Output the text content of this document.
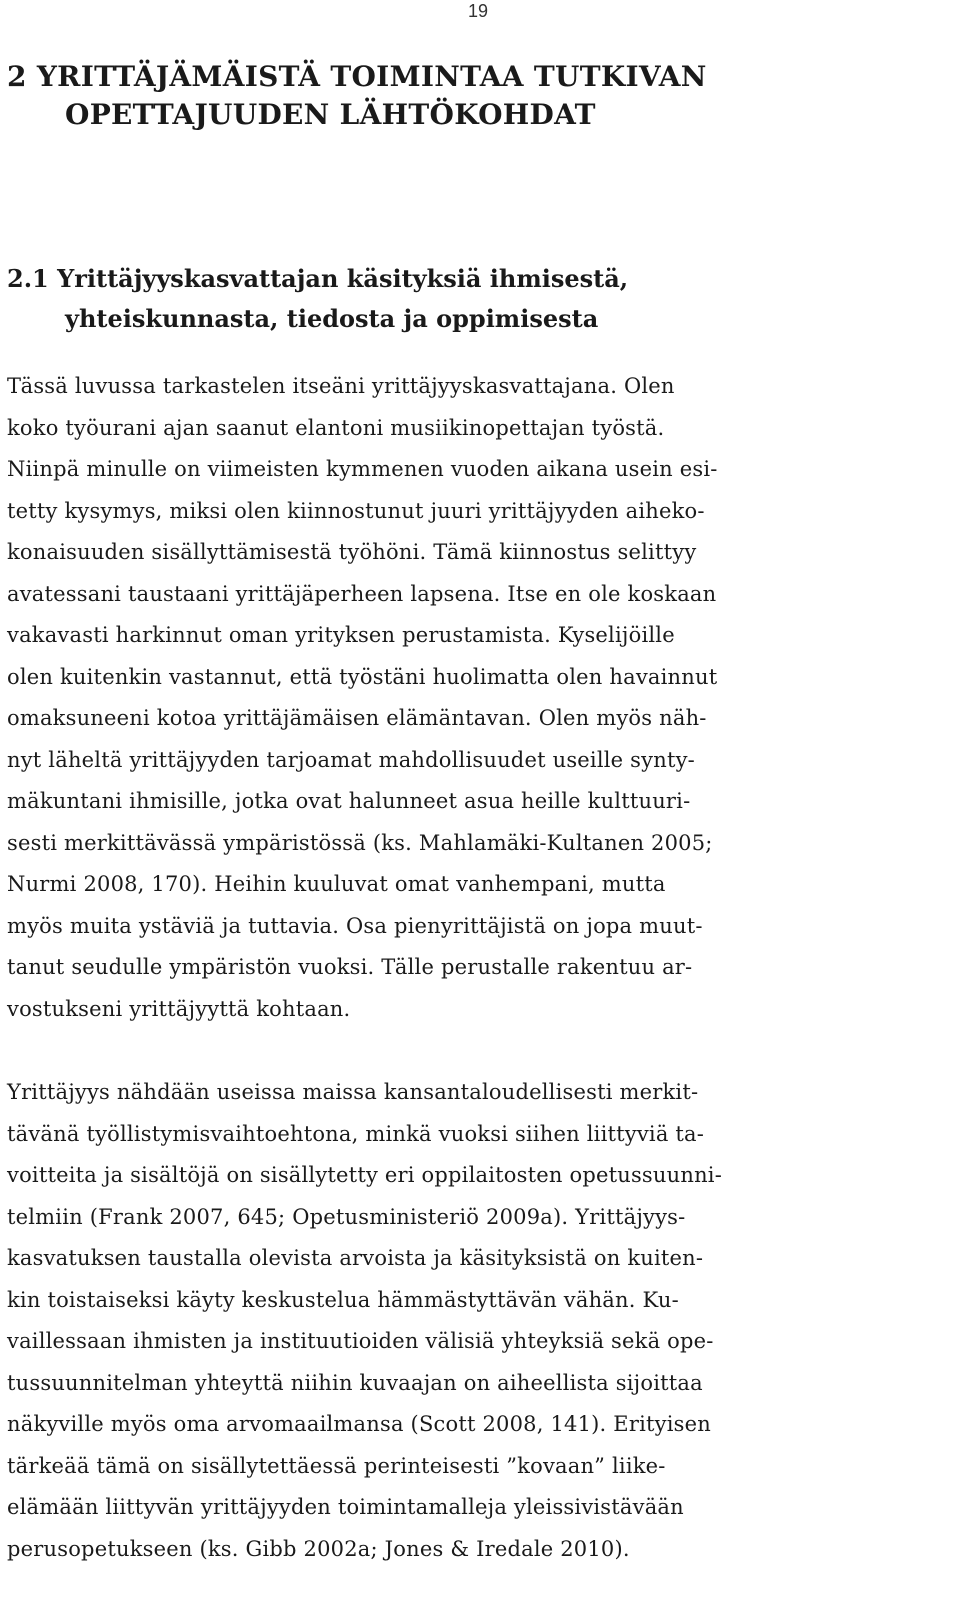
19
2 YRITTÄJÄMÄISTÄ TOIMINTAA TUTKIVAN
OPETTAJUUDEN LÄHTÖKOHDAT
2.1 Yrittäjyyskasvattajan käsityksiä ihmisestä,
yhteiskunnasta, tiedosta ja oppimisesta
Tässä luvussa tarkastelen itseäni yrittäjyyskasvattajana. Olen
koko työurani ajan saanut elantoni musiikinopettajan työstä.
Niinpä minulle on viimeisten kymmenen vuoden aikana usein esi-
tetty kysymys, miksi olen kiinnostunut juuri yrittäjyyden aiheko-
konaisuuden sisällyttämisestä työhöni. Tämä kiinnostus selittyy
avatessani taustaani yrittäjäperheen lapsena. Itse en ole koskaan
vakavasti harkinnut oman yrityksen perustamista. Kyselijöille
olen kuitenkin vastannut, että työstäni huolimatta olen havainnut
omaksuneeni kotoa yrittäjämäisen elämäntavan. Olen myös näh-
nyt läheltä yrittäjyyden tarjoamat mahdollisuudet useille synty-
mäkuntani ihmisille, jotka ovat halunneet asua heille kulttuuri-
sesti merkittävässä ympäristössä (ks. Mahlamäki-Kultanen 2005;
Nurmi 2008, 170). Heihin kuuluvat omat vanhempani, mutta
myös muita ystäviä ja tuttavia. Osa pienyrittäjistä on jopa muut-
tanut seudulle ympäristön vuoksi. Tälle perustalle rakentuu ar-
vostukseni yrittäjyyttä kohtaan.
Yrittäjyys nähdään useissa maissa kansantaloudellisesti merkit-
tävänä työllistymisvaihtoehtona, minkä vuoksi siihen liittyviä ta-
voitteita ja sisältöjä on sisällytetty eri oppilaitosten opetussuunni-
telmiin (Frank 2007, 645; Opetusministeriö 2009a). Yrittäjyys-
kasvatuksen taustalla olevista arvoista ja käsityksistä on kuiten-
kin toistaiseksi käyty keskustelua hämmästyttävän vähän. Ku-
vaillessaan ihmisten ja instituutioiden välisiä yhteyksiä sekä ope-
tussuunnitelman yhteyttä niihin kuvaajan on aiheellista sijoittaa
näkyville myös oma arvomaailmansa (Scott 2008, 141). Erityisen
tärkeää tämä on sisällytettäessä perinteisesti ”kovaan” liike-
elämään liittyvän yrittäjyyden toimintamalleja yleissivistävään
perusopetukseen (ks. Gibb 2002a; Jones & Iredale 2010).
